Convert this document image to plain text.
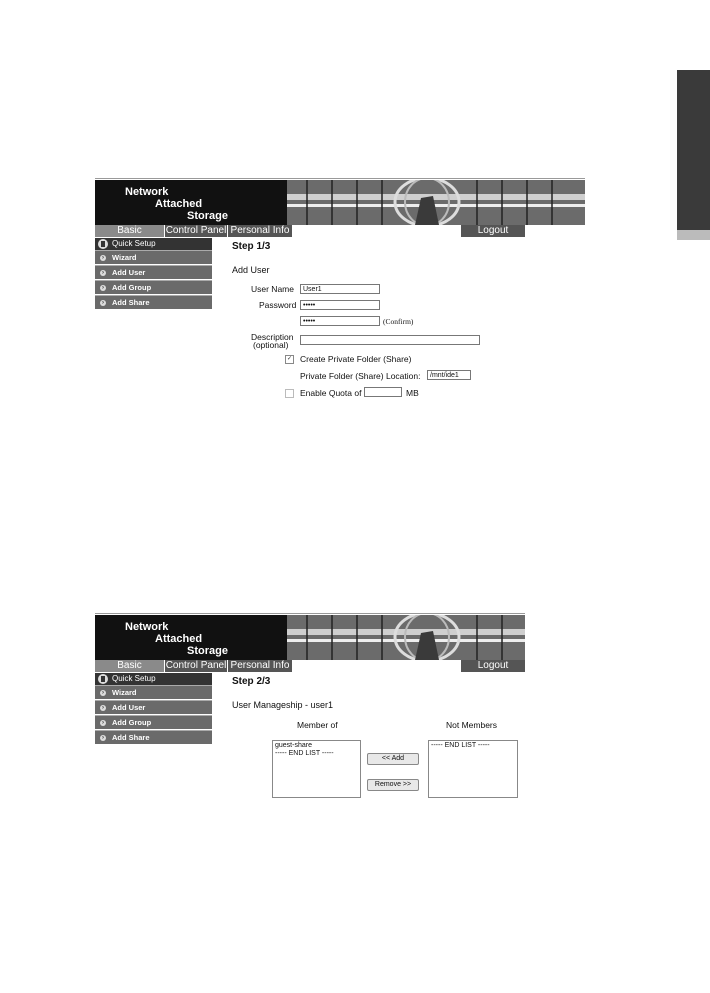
Network
Attached
Storage
Basic	Control Panel Personal Info	Logout
Quick Setup
› Wizard
› Add User
› Add Group
› Add Share
Step 1/3
Add User
User Name	User1
Password •••••
•••••	(Confirm)
Description
(optional)
✓ Create Private Folder (Share)
Private Folder (Share) Location:	/mnt/ide1
Enable Quota of	MB
Network
Attached
Storage
Basic	Control Panel Personal Info	Logout
Quick Setup
› Wizard
› Add User
› Add Group
› Add Share
Step 2/3
User Manageship - user1
Member of	Not Members
guest-share
----- END LIST -----
<< Add
Remove >>
----- END LIST -----
